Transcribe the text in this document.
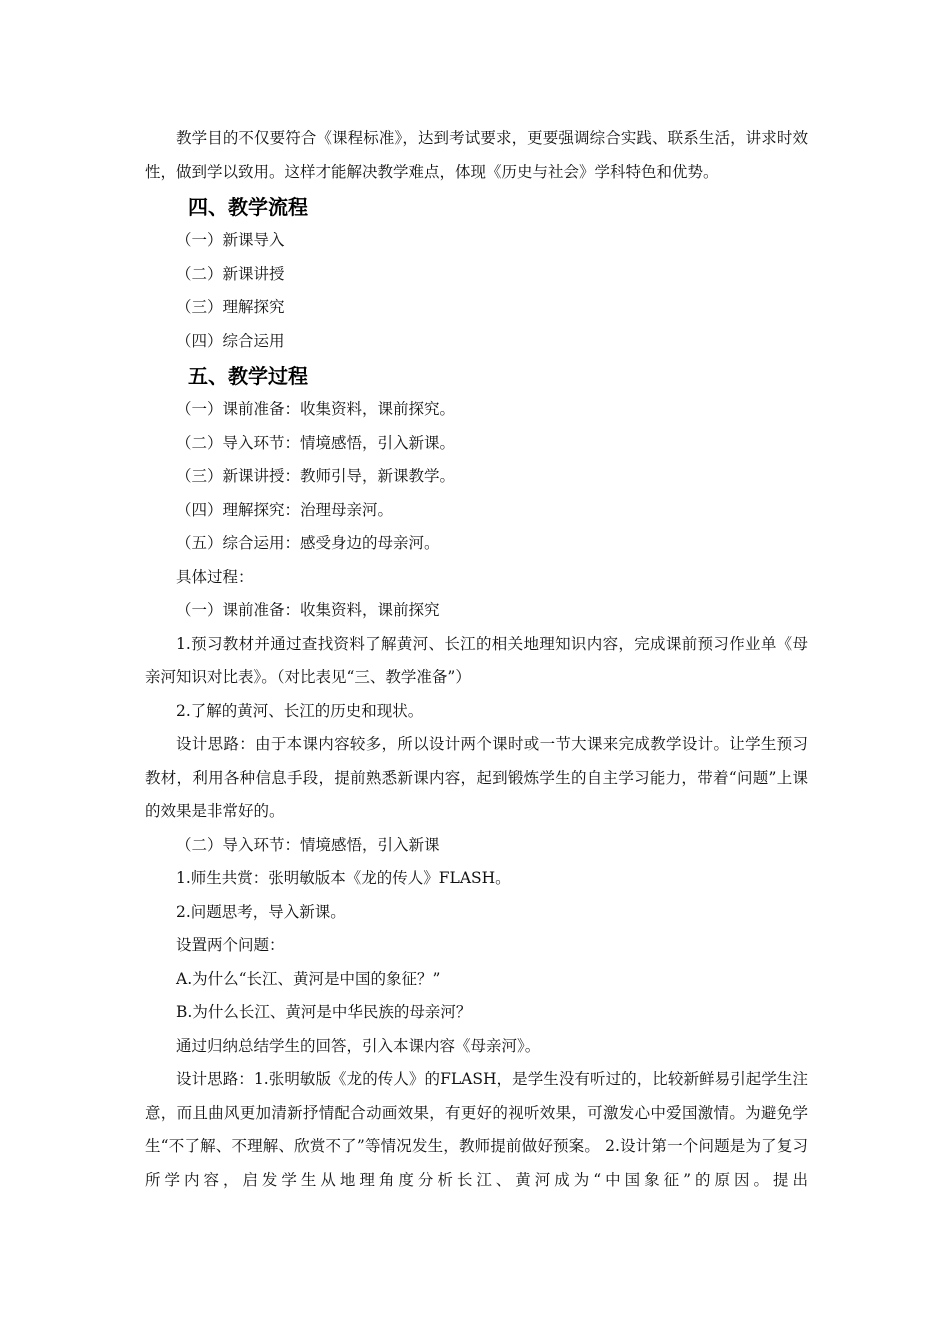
教学目的不仅要符合《课程标准》，达到考试要求，更要强调综合实践、联系生活，讲求时效性，做到学以致用。这样才能解决教学难点，体现《历史与社会》学科特色和优势。

四、教学流程

（一）新课导入

（二）新课讲授

（三）理解探究

（四）综合运用

五、教学过程

（一）课前准备：收集资料，课前探究。

（二）导入环节：情境感悟，引入新课。

（三）新课讲授：教师引导，新课教学。

（四）理解探究：治理母亲河。

（五）综合运用：感受身边的母亲河。

具体过程：

（一）课前准备：收集资料，课前探究

1.预习教材并通过查找资料了解黄河、长江的相关地理知识内容，完成课前预习作业单《母亲河知识对比表》。（对比表见“三、教学准备”）

2.了解的黄河、长江的历史和现状。

设计思路：由于本课内容较多，所以设计两个课时或一节大课来完成教学设计。让学生预习教材，利用各种信息手段，提前熟悉新课内容，起到锻炼学生的自主学习能力，带着“问题”上课的效果是非常好的。

（二）导入环节：情境感悟，引入新课

1.师生共赏：张明敏版本《龙的传人》FLASH。

2.问题思考，导入新课。

设置两个问题：

A.为什么“长江、黄河是中国的象征？”

B.为什么长江、黄河是中华民族的母亲河？

通过归纳总结学生的回答，引入本课内容《母亲河》。

设计思路：1.张明敏版《龙的传人》的FLASH，是学生没有听过的，比较新鲜易引起学生注意，而且曲风更加清新抒情配合动画效果，有更好的视听效果，可激发心中爱国激情。为避免学生“不了解、不理解、欣赏不了”等情况发生，教师提前做好预案。 2.设计第一个问题是为了复习所学内容，启发学生从地理角度分析长江、黄河成为“中国象征”的原因。提出
